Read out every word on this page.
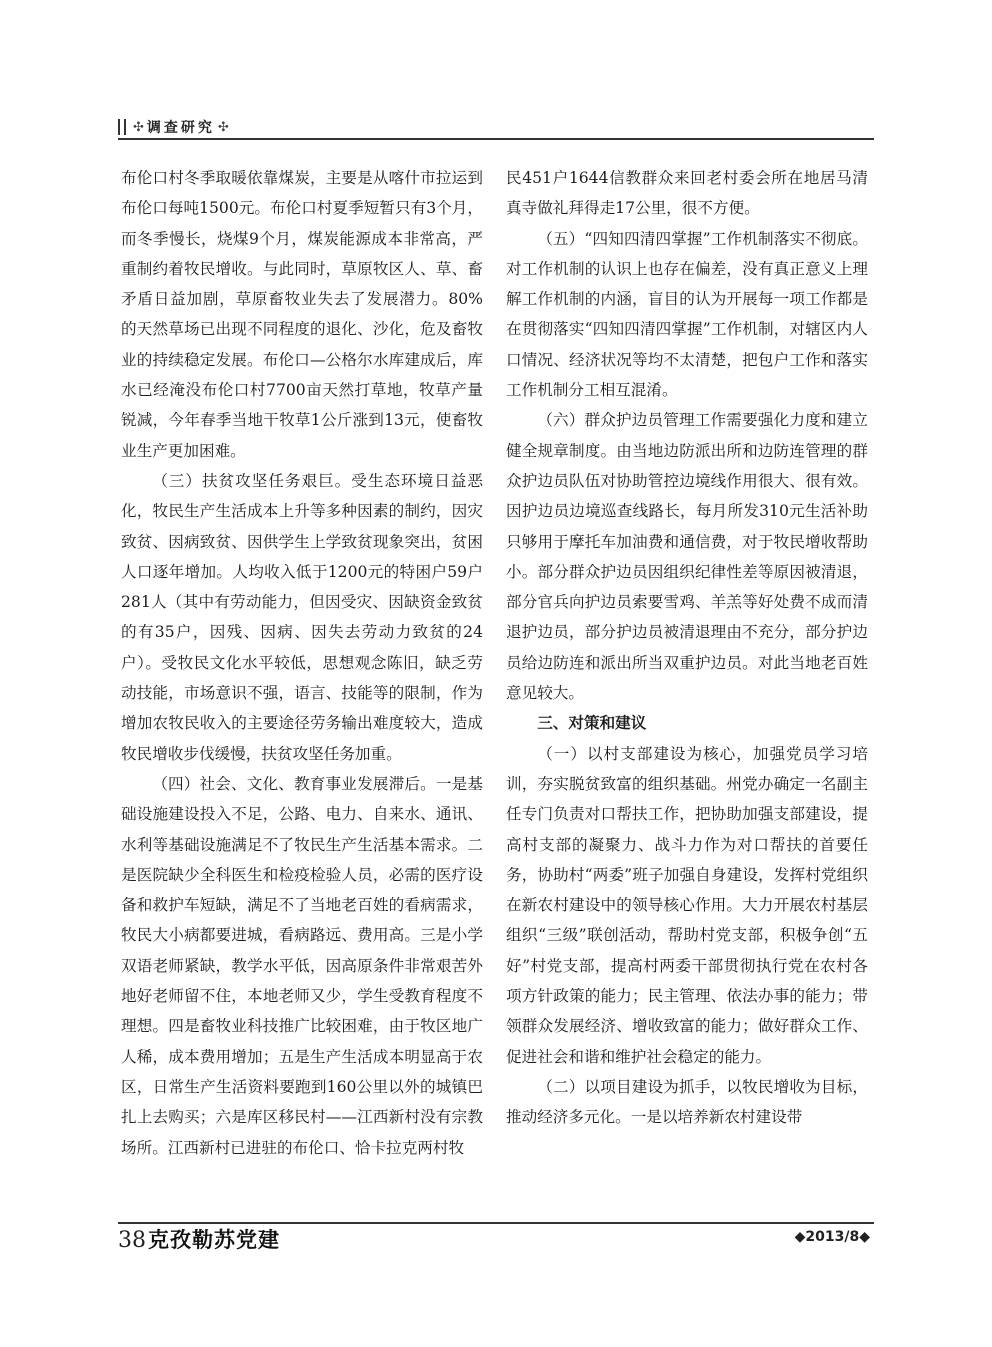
✣ 调查研究 ✣

布伦口村冬季取暖依靠煤炭，主要是从喀什市拉运到布伦口每吨1500元。布伦口村夏季短暂只有3个月，而冬季慢长，烧煤9个月，煤炭能源成本非常高，严重制约着牧民增收。与此同时，草原牧区人、草、畜矛盾日益加剧，草原畜牧业失去了发展潜力。80%的天然草场已出现不同程度的退化、沙化，危及畜牧业的持续稳定发展。布伦口—公格尔水库建成后，库水已经淹没布伦口村7700亩天然打草地，牧草产量锐减，今年春季当地干牧草1公斤涨到13元，使畜牧业生产更加困难。

（三）扶贫攻坚任务艰巨。受生态环境日益恶化，牧民生产生活成本上升等多种因素的制约，因灾致贫、因病致贫、因供学生上学致贫现象突出，贫困人口逐年增加。人均收入低于1200元的特困户59户281人（其中有劳动能力，但因受灾、因缺资金致贫的有35户，因残、因病、因失去劳动力致贫的24户）。受牧民文化水平较低，思想观念陈旧，缺乏劳动技能，市场意识不强，语言、技能等的限制，作为增加农牧民收入的主要途径劳务输出难度较大，造成牧民增收步伐缓慢，扶贫攻坚任务加重。

（四）社会、文化、教育事业发展滞后。一是基础设施建设投入不足，公路、电力、自来水、通讯、水利等基础设施满足不了牧民生产生活基本需求。二是医院缺少全科医生和检疫检验人员，必需的医疗设备和救护车短缺，满足不了当地老百姓的看病需求，牧民大小病都要进城，看病路远、费用高。三是小学双语老师紧缺，教学水平低，因高原条件非常艰苦外地好老师留不住，本地老师又少，学生受教育程度不理想。四是畜牧业科技推广比较困难，由于牧区地广人稀，成本费用增加；五是生产生活成本明显高于农区，日常生产生活资料要跑到160公里以外的城镇巴扎上去购买；六是库区移民村——江西新村没有宗教场所。江西新村已进驻的布伦口、恰卡拉克两村牧

民451户1644信教群众来回老村委会所在地居马清真寺做礼拜得走17公里，很不方便。

（五）“四知四清四掌握”工作机制落实不彻底。对工作机制的认识上也存在偏差，没有真正意义上理解工作机制的内涵，盲目的认为开展每一项工作都是在贯彻落实“四知四清四掌握”工作机制，对辖区内人口情况、经济状况等均不太清楚，把包户工作和落实工作机制分工相互混淆。

（六）群众护边员管理工作需要强化力度和建立健全规章制度。由当地边防派出所和边防连管理的群众护边员队伍对协助管控边境线作用很大、很有效。因护边员边境巡查线路长，每月所发310元生活补助只够用于摩托车加油费和通信费，对于牧民增收帮助小。部分群众护边员因组织纪律性差等原因被清退，部分官兵向护边员索要雪鸡、羊羔等好处费不成而清退护边员，部分护边员被清退理由不充分，部分护边员给边防连和派出所当双重护边员。对此当地老百姓意见较大。

三、对策和建议

（一）以村支部建设为核心，加强党员学习培训，夯实脱贫致富的组织基础。州党办确定一名副主任专门负责对口帮扶工作，把协助加强支部建设，提高村支部的凝聚力、战斗力作为对口帮扶的首要任务，协助村“两委”班子加强自身建设，发挥村党组织在新农村建设中的领导核心作用。大力开展农村基层组织“三级”联创活动，帮助村党支部，积极争创“五好”村党支部，提高村两委干部贯彻执行党在农村各项方针政策的能力；民主管理、依法办事的能力；带领群众发展经济、增收致富的能力；做好群众工作、促进社会和谐和维护社会稳定的能力。

（二）以项目建设为抓手，以牧民增收为目标，推动经济多元化。一是以培养新农村建设带

38 克孜勒苏党建	◆2013/8◆
